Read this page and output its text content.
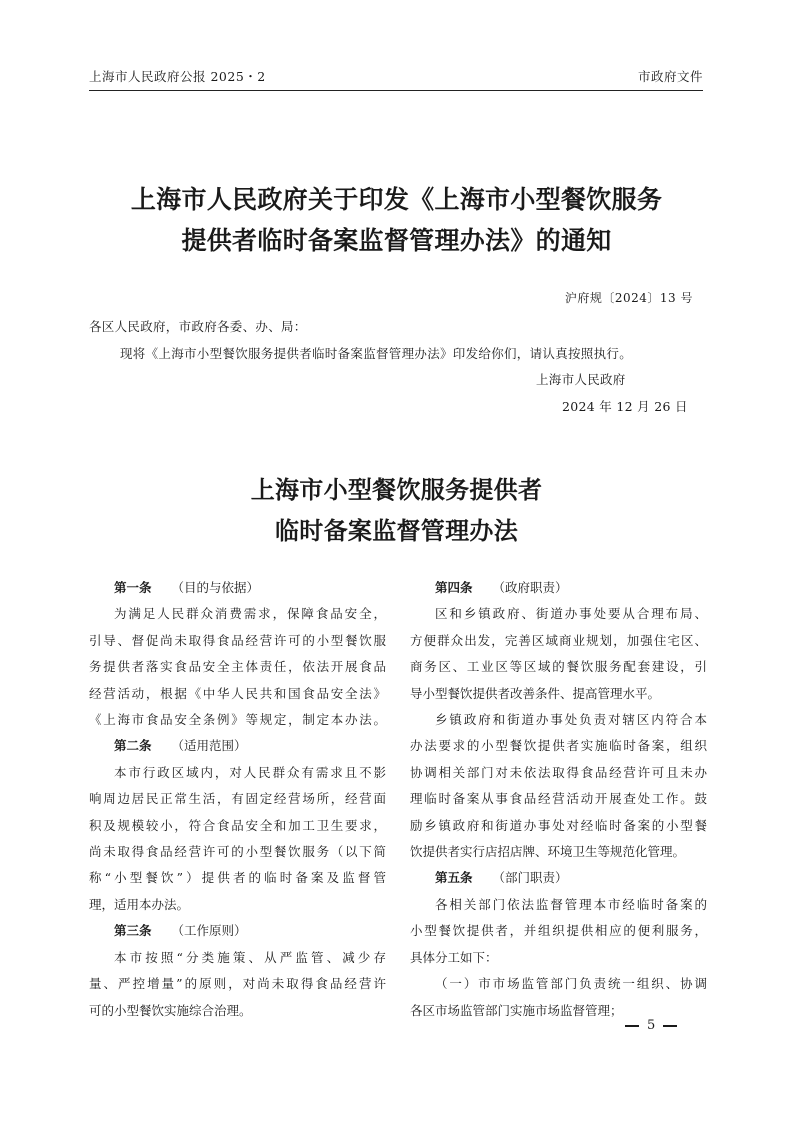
上海市人民政府公报 2025・2	市政府文件
上海市人民政府关于印发《上海市小型餐饮服务
提供者临时备案监督管理办法》的通知
沪府规〔2024〕13 号
各区人民政府，市政府各委、办、局：
现将《上海市小型餐饮服务提供者临时备案监督管理办法》印发给你们，请认真按照执行。
上海市人民政府
2024 年 12 月 26 日
上海市小型餐饮服务提供者
临时备案监督管理办法

第一条 （目的与依据）

为满足人民群众消费需求，保障食品安全，

引导、督促尚未取得食品经营许可的小型餐饮服

务提供者落实食品安全主体责任，依法开展食品

经营活动，根据《中华人民共和国食品安全法》

《上海市食品安全条例》等规定，制定本办法。

第二条 （适用范围）

本市行政区域内，对人民群众有需求且不影

响周边居民正常生活，有固定经营场所，经营面

积及规模较小，符合食品安全和加工卫生要求，

尚未取得食品经营许可的小型餐饮服务（以下简

称“小型餐饮”）提供者的临时备案及监督管

理，适用本办法。

第三条 （工作原则）

本市按照“分类施策、从严监管、减少存

量、严控增量”的原则，对尚未取得食品经营许

可的小型餐饮实施综合治理。

第四条 （政府职责）

区和乡镇政府、街道办事处要从合理布局、

方便群众出发，完善区域商业规划，加强住宅区、

商务区、工业区等区域的餐饮服务配套建设，引

导小型餐饮提供者改善条件、提高管理水平。

乡镇政府和街道办事处负责对辖区内符合本

办法要求的小型餐饮提供者实施临时备案，组织

协调相关部门对未依法取得食品经营许可且未办

理临时备案从事食品经营活动开展查处工作。鼓

励乡镇政府和街道办事处对经临时备案的小型餐

饮提供者实行店招店牌、环境卫生等规范化管理。

第五条 （部门职责）

各相关部门依法监督管理本市经临时备案的

小型餐饮提供者，并组织提供相应的便利服务，

具体分工如下：

（一）市市场监管部门负责统一组织、协调

各区市场监管部门实施市场监督管理；

5
